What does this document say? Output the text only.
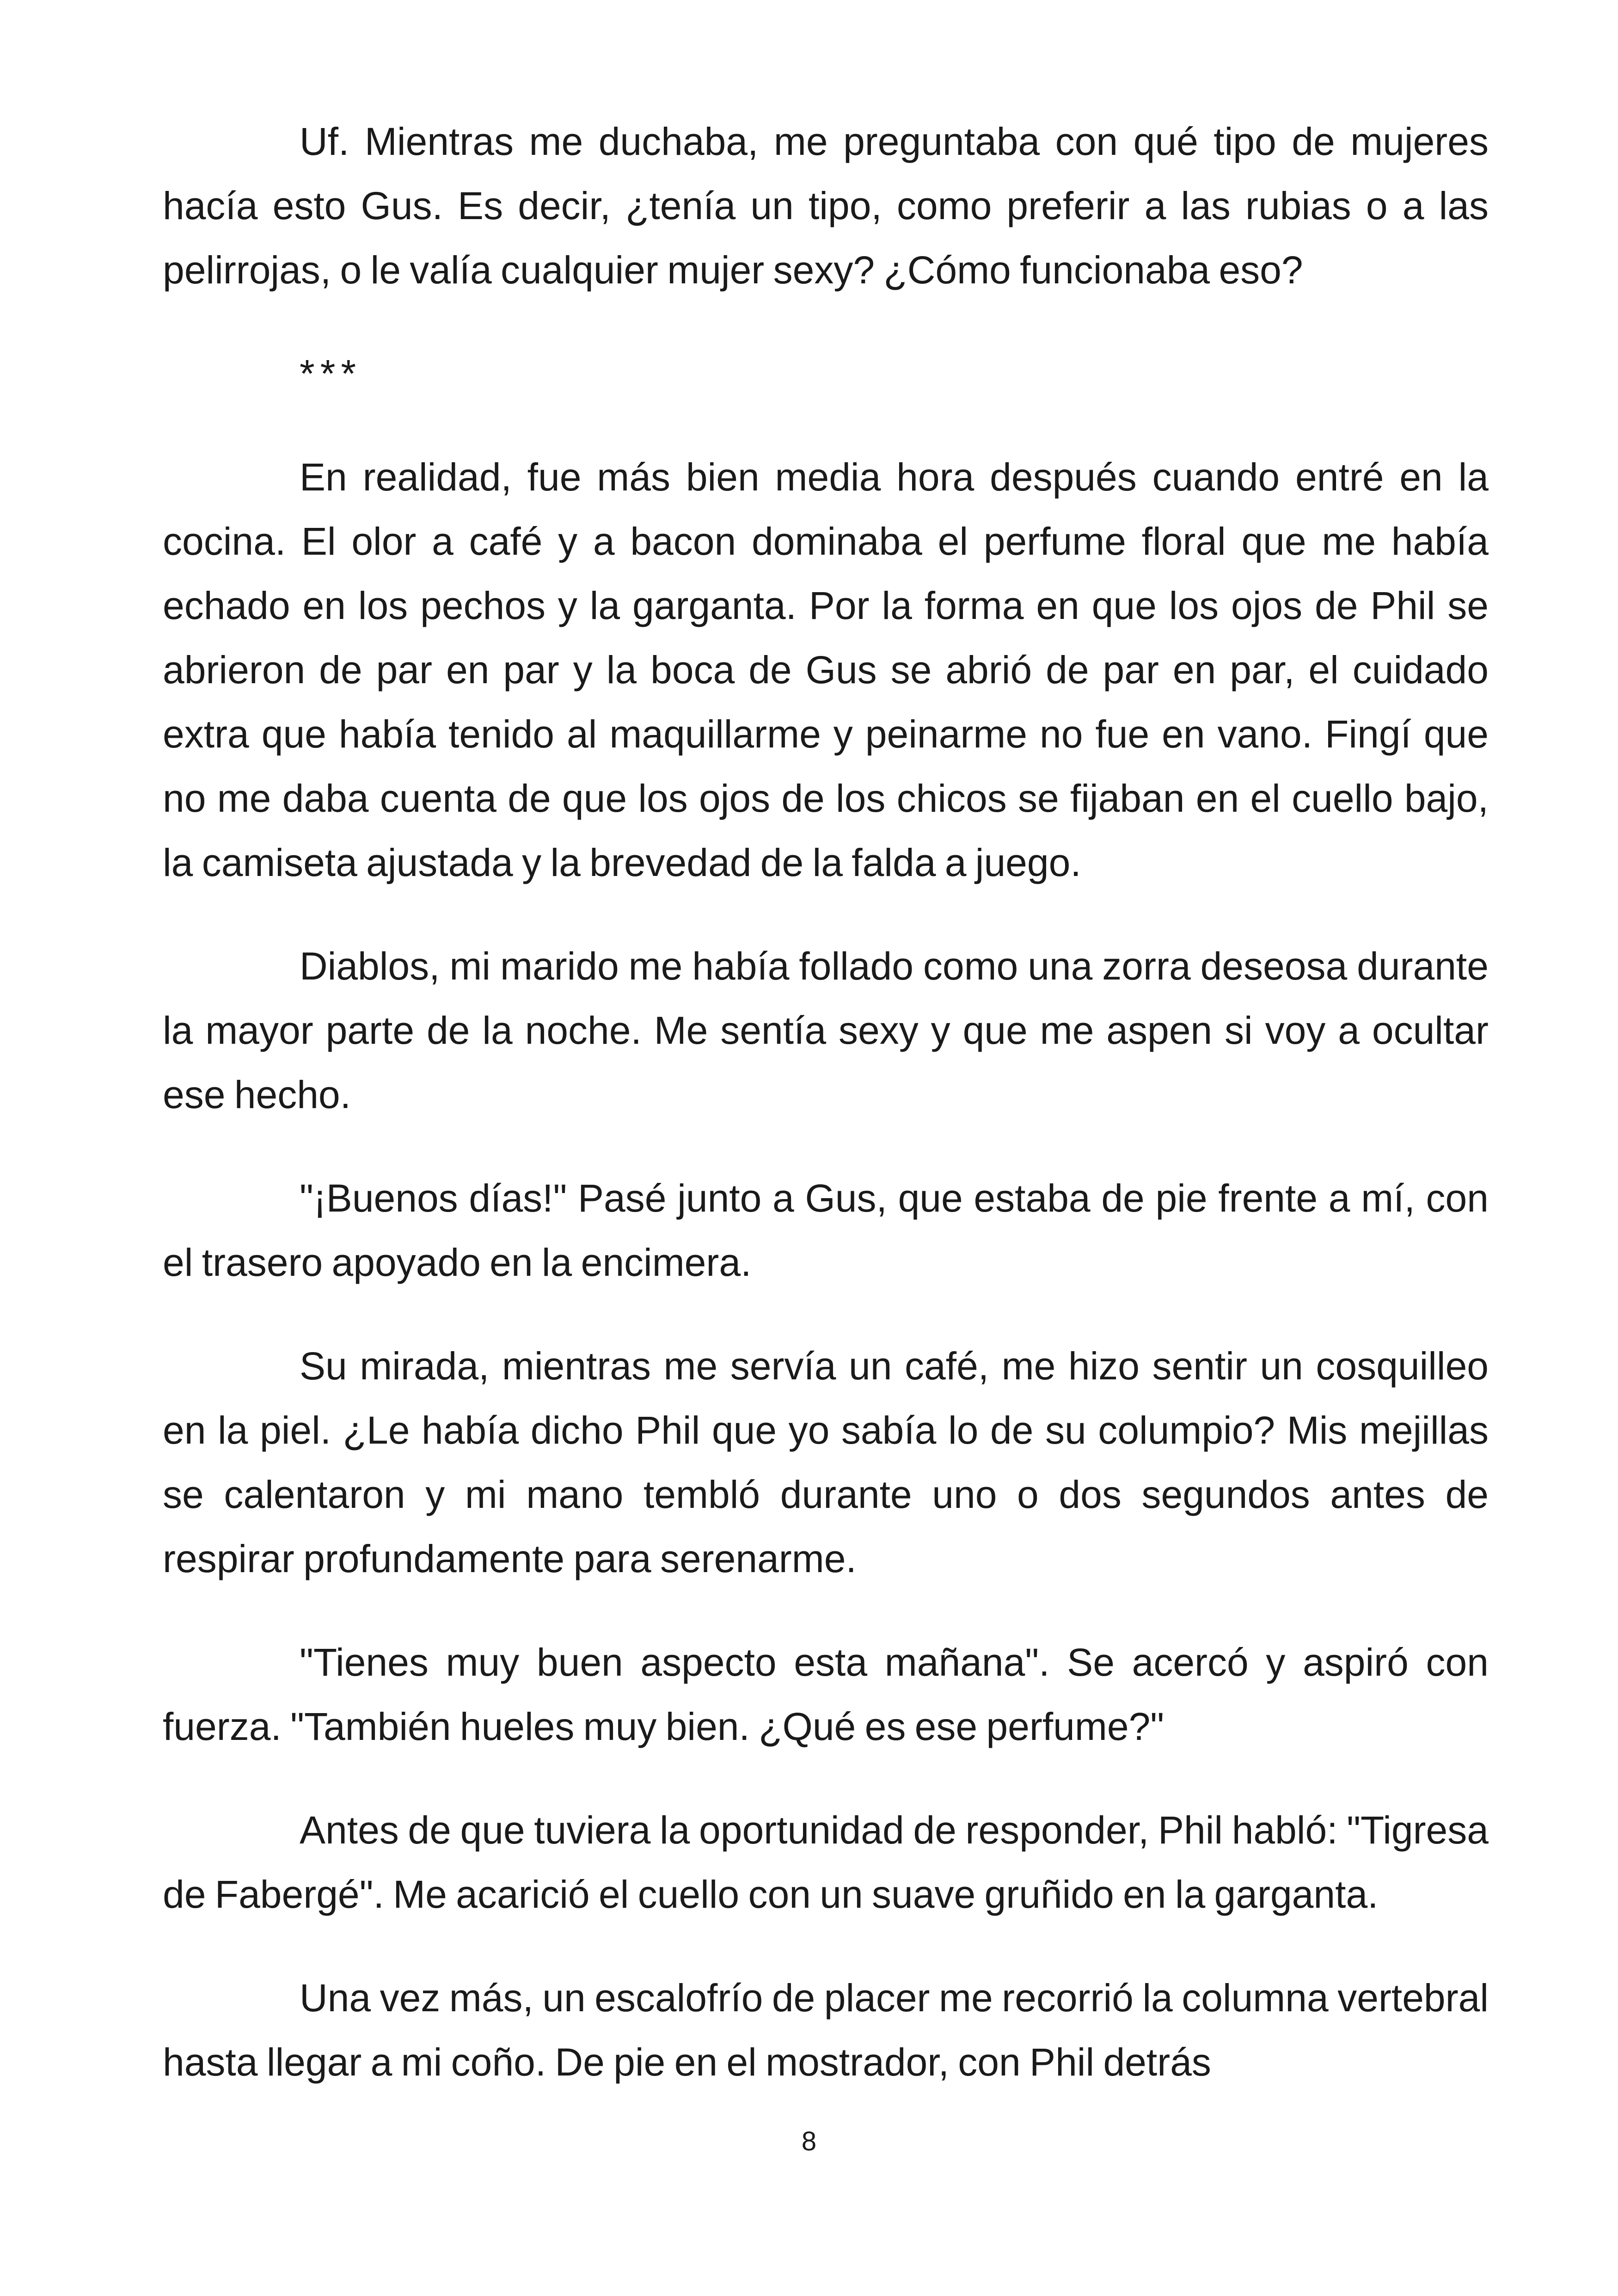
Uf. Mientras me duchaba, me preguntaba con qué tipo de mujeres hacía esto Gus. Es decir, ¿tenía un tipo, como preferir a las rubias o a las pelirrojas, o le valía cualquier mujer sexy? ¿Cómo funcionaba eso?

***

En realidad, fue más bien media hora después cuando entré en la cocina. El olor a café y a bacon dominaba el perfume floral que me había echado en los pechos y la garganta. Por la forma en que los ojos de Phil se abrieron de par en par y la boca de Gus se abrió de par en par, el cuidado extra que había tenido al maquillarme y peinarme no fue en vano. Fingí que no me daba cuenta de que los ojos de los chicos se fijaban en el cuello bajo, la camiseta ajustada y la brevedad de la falda a juego.

Diablos, mi marido me había follado como una zorra deseosa durante la mayor parte de la noche. Me sentía sexy y que me aspen si voy a ocultar ese hecho.

"¡Buenos días!" Pasé junto a Gus, que estaba de pie frente a mí, con el trasero apoyado en la encimera.

Su mirada, mientras me servía un café, me hizo sentir un cosquilleo en la piel. ¿Le había dicho Phil que yo sabía lo de su columpio? Mis mejillas se calentaron y mi mano tembló durante uno o dos segundos antes de respirar profundamente para serenarme.

"Tienes muy buen aspecto esta mañana". Se acercó y aspiró con fuerza. "También hueles muy bien. ¿Qué es ese perfume?"

Antes de que tuviera la oportunidad de responder, Phil habló: "Tigresa de Fabergé". Me acarició el cuello con un suave gruñido en la garganta.

Una vez más, un escalofrío de placer me recorrió la columna vertebral hasta llegar a mi coño. De pie en el mostrador, con Phil detrás

8
